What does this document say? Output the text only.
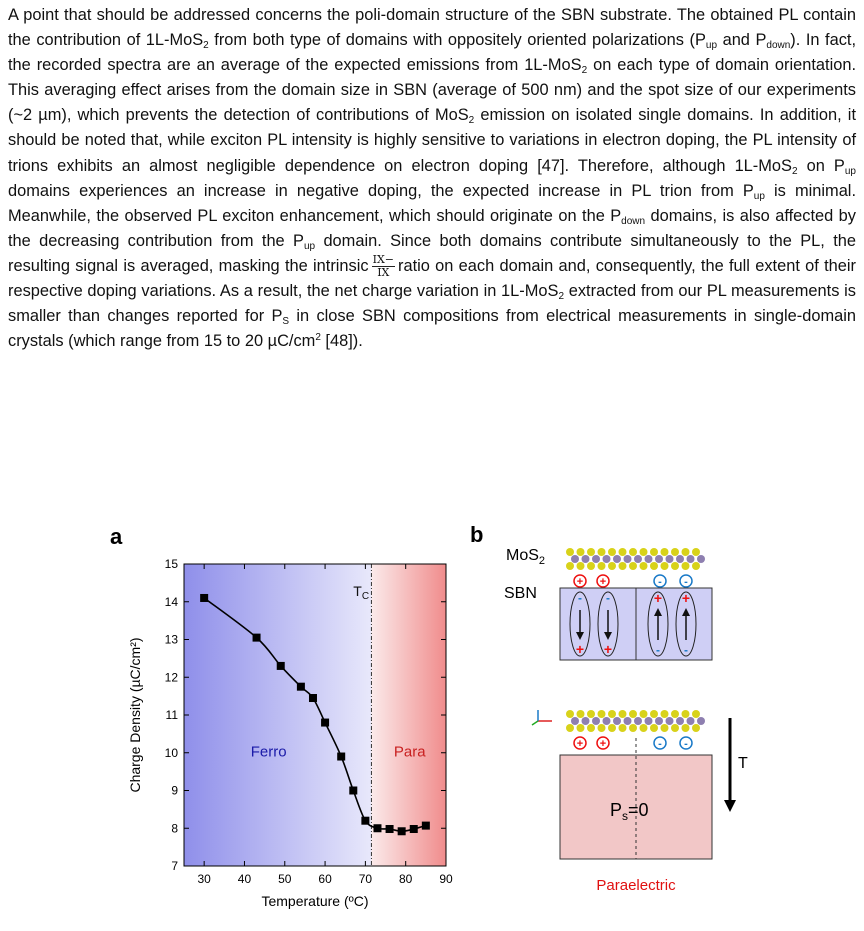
A point that should be addressed concerns the poli-domain structure of the SBN substrate. The obtained PL contain the contribution of 1L-MoS$_2$ from both type of domains with oppositely oriented polarizations ($P_{up}$ and $P_{down}$). In fact, the recorded spectra are an average of the expected emissions from 1L-MoS$_2$ on each type of domain orientation. This averaging effect arises from the domain size in SBN (average of 500 nm) and the spot size of our experiments (~2 µm), which prevents the detection of contributions of MoS$_2$ emission on isolated single domains. In addition, it should be noted that, while exciton PL intensity is highly sensitive to variations in electron doping, the PL intensity of trions exhibits an almost negligible dependence on electron doping [47]. Therefore, although 1L-MoS$_2$ on $P_{up}$ domains experiences an increase in negative doping, the expected increase in PL trion from $P_{up}$ is minimal. Meanwhile, the observed PL exciton enhancement, which should originate on the $P_{down}$ domains, is also affected by the decreasing contribution from the $P_{up}$ domain. Since both domains contribute simultaneously to the PL, the resulting signal is averaged, masking the intrinsic $\frac{IX-}{IX}$ ratio on each domain and, consequently, the full extent of their respective doping variations. As a result, the net charge variation in 1L-MoS$_2$ extracted from our PL measurements is smaller than changes reported for $P_S$ in close SBN compositions from electrical measurements in single-domain crystals (which range from 15 to 20 $\mu C/cm^2$ [48]).

a
30 40 50 60 70 80 90
7
8
9
10
11
12
13
14
15
Ferro	Para
$T_C$
Temperature (ºC)
Charge Density (µC/cm²)
b
MoS$_2$
SBN
+ +	- -
- -
+ +
+ +
- -
T
+ +	- -
$P_s=0$
Paraelectric
